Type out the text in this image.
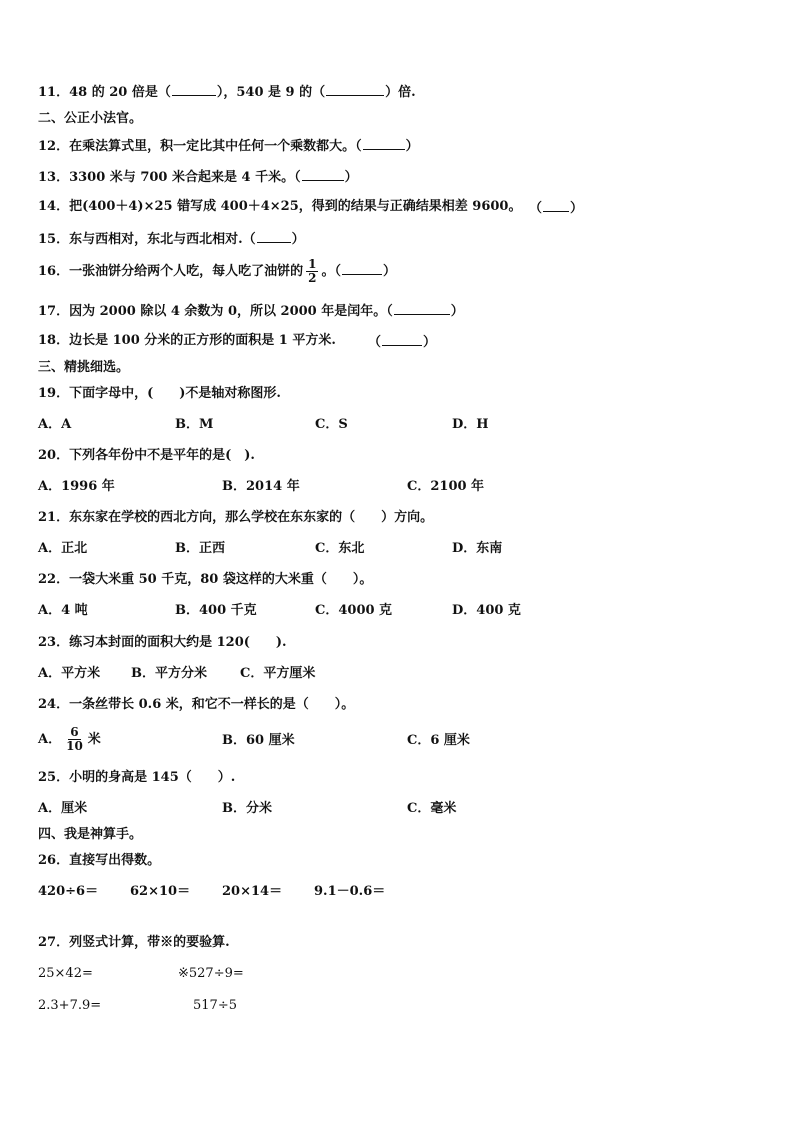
11．48 的 20 倍是（	），540 是 9 的（	）倍.
二、公正小法官。
12．在乘法算式里，积一定比其中任何一个乘数都大。（	）
13．3300 米与 700 米合起来是 4 千米。（	）
14．把(400＋4)×25 错写成 400＋4×25，得到的结果与正确结果相差 9600。 （ ）
15．东与西相对，东北与西北相对.（	）
16．一张油饼分给两个人吃，每人吃了油饼的 $\frac{1}{2}$ 。（	）
17．因为 2000 除以 4 余数为 0，所以 2000 年是闰年。（	）
18．边长是 100 分米的正方形的面积是 1 平方米. （	）
三、精挑细选。
19．下面字母中，(　　)不是轴对称图形.
A．A	B．M	C．S	D．H
20．下列各年份中不是平年的是(　).
A．1996 年	B．2014 年	C．2100 年
21．东东家在学校的西北方向，那么学校在东东家的（　　）方向。
A．正北	B．正西	C．东北	D．东南
22．一袋大米重 50 千克，80 袋这样的大米重（　　）。
A．4 吨	B．400 千克	C．4000 克	D．400 克
23．练习本封面的面积大约是 120(　　).
A．平方米 B．平方分米	C．平方厘米
24．一条丝带长 0.6 米，和它不一样长的是（　　）。
A． $\frac{6}{10}$ 米	B．60 厘米	C．6 厘米
25．小明的身高是 145（　　）.
A．厘米	B．分米	C．毫米
四、我是神算手。
26．直接写出得数。
420÷6＝ 62×10＝ 20×14＝ 9.1－0.6＝
27．列竖式计算，带※的要验算.
25×42=	※527÷9=
2.3+7.9=	517÷5
